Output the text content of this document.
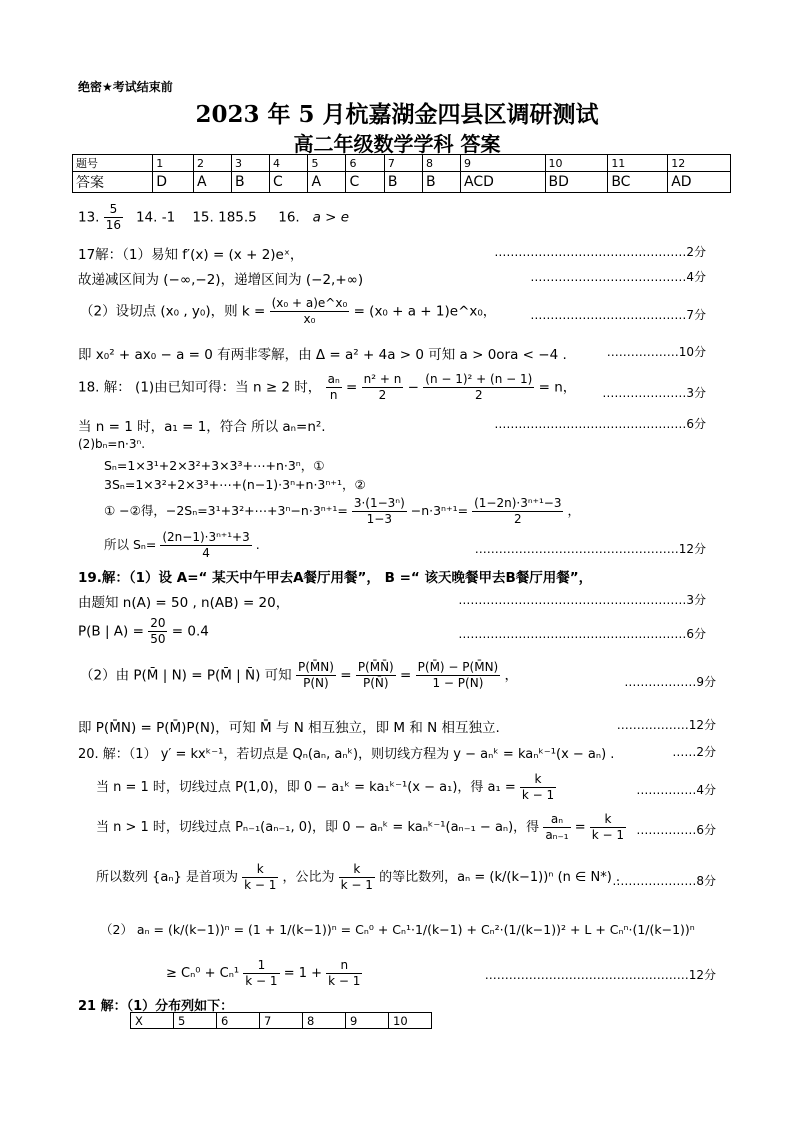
绝密★考试结束前
2023 年 5 月杭嘉湖金四县区调研测试
高二年级数学学科 答案
题号	1	2	3	4	5	6	7	8	9	10	11	12
答案	D	A	B	C	A	C	B	B	ACD	BD	BC	AD
13. $\frac{5}{16} 14$. -1 15. 185.5 16. a > e
17解：（1）易知 f′(x) = (x + 2)eˣ，	…………………………………………2分
故递减区间为 (−∞,−2)，递增区间为 (−2,+∞)	…………………………………4分
（2）设切点 (x₀ , y₀)，则 $k = \frac{\text{(x₀ + a)e\textasciicircum{}x₀}}{\text{x₀}} = (x_0 + a$ + 1)e^x₀，	…………………………………7分
即 x₀² + ax₀ − a = 0 有两非零解，由 Δ = a² + 4a > 0 可知 a > 0ora < −4 .	………………10分
18. 解： (1)由已知可得：当 n ≥ 2 时， $\frac{\text{aₙ}}{n} = \frac{\text{n² + n}}{2} - \frac{\text{(n − 1)² + (n − 1)}}{2} = n$，	…………………3分
当 n = 1 时，a₁ = 1，符合 所以 aₙ=n².	…………………………………………6分
(2)bₙ=n·3ⁿ.
Sₙ=1×3¹+2×3²+3×3³+⋯+n·3ⁿ，①
3Sₙ=1×3²+2×3³+⋯+(n−1)·3ⁿ+n·3ⁿ⁺¹，②
① −②得，−2Sₙ=3¹+3²+⋯+3ⁿ−n·3ⁿ⁺¹= $\frac{\text{3·(1−3ⁿ)}}{1-3} -n\cdot 3^{n+1}= \frac{\text{(1−2n)·3ⁿ⁺¹−3}}{2}$ ，
所以 $S_n= \frac{\text{(2n−1)·3ⁿ⁺¹+3}}{4}$ .	……………………………………………12分
19.解：（1）设 A=“ 某天中午甲去A餐厅用餐”， B =“ 该天晚餐甲去B餐厅用餐”，
由题知 n(A) = 50 , n(AB) = 20，	…………………………………………………3分
P(B | $A) = \frac{20}{50} = 0.4$	…………………………………………………6分
（2）由 P(M̄ | N) = P(M̄ | N̄) 可知 $\frac{P(M̄N)}{P(N)} = \frac{P(M̄N̄)}{P(N̄)} = \frac{P(M̄) - P(M̄N)}{1 - P(N)}$ ，	………………9分
即 P(M̄N) = P(M̄)P(N)，可知 M̄ 与 N 相互独立，即 M 和 N 相互独立.	………………12分
20. 解：（1） y′ = kxᵏ⁻¹，若切点是 Qₙ(aₙ, aₙᵏ)，则切线方程为 y − aₙᵏ = kaₙᵏ⁻¹(x − aₙ) .	……2分
当 n = 1 时，切线过点 P(1,0)，即 0 − a₁ᵏ = ka₁ᵏ⁻¹(x − a₁)，得 $a_1 = \frac{k}{k - 1}$	……………4分
当 n > 1 时，切线过点 Pₙ₋₁(aₙ₋₁, 0)，即 0 − aₙᵏ = kaₙᵏ⁻¹(aₙ₋₁ − aₙ)，得 $\frac{\text{aₙ}}{\text{aₙ₋₁}} = \frac{k}{k - 1}$ ……………6分
所以数列 {aₙ} 是首项为 $\frac{k}{k - 1}$ ，公比为 $\frac{k}{k - 1}$ 的等比数列，aₙ = (k/(k−1))ⁿ (n ∈ N*) .
…………………8分
（2） aₙ = (k/(k−1))ⁿ = (1 + 1/(k−1))ⁿ = Cₙ⁰ + Cₙ¹·1/(k−1) + Cₙ²·(1/(k−1))² + L + Cₙⁿ·(1/(k−1))ⁿ
≥ $C_n^0 + C_n^1 \frac{1}{k - 1} = 1 + \frac{n}{k - 1}$	……………………………………………12分
21 解：（1）分布列如下：
X	5	6	7	8	9	10
